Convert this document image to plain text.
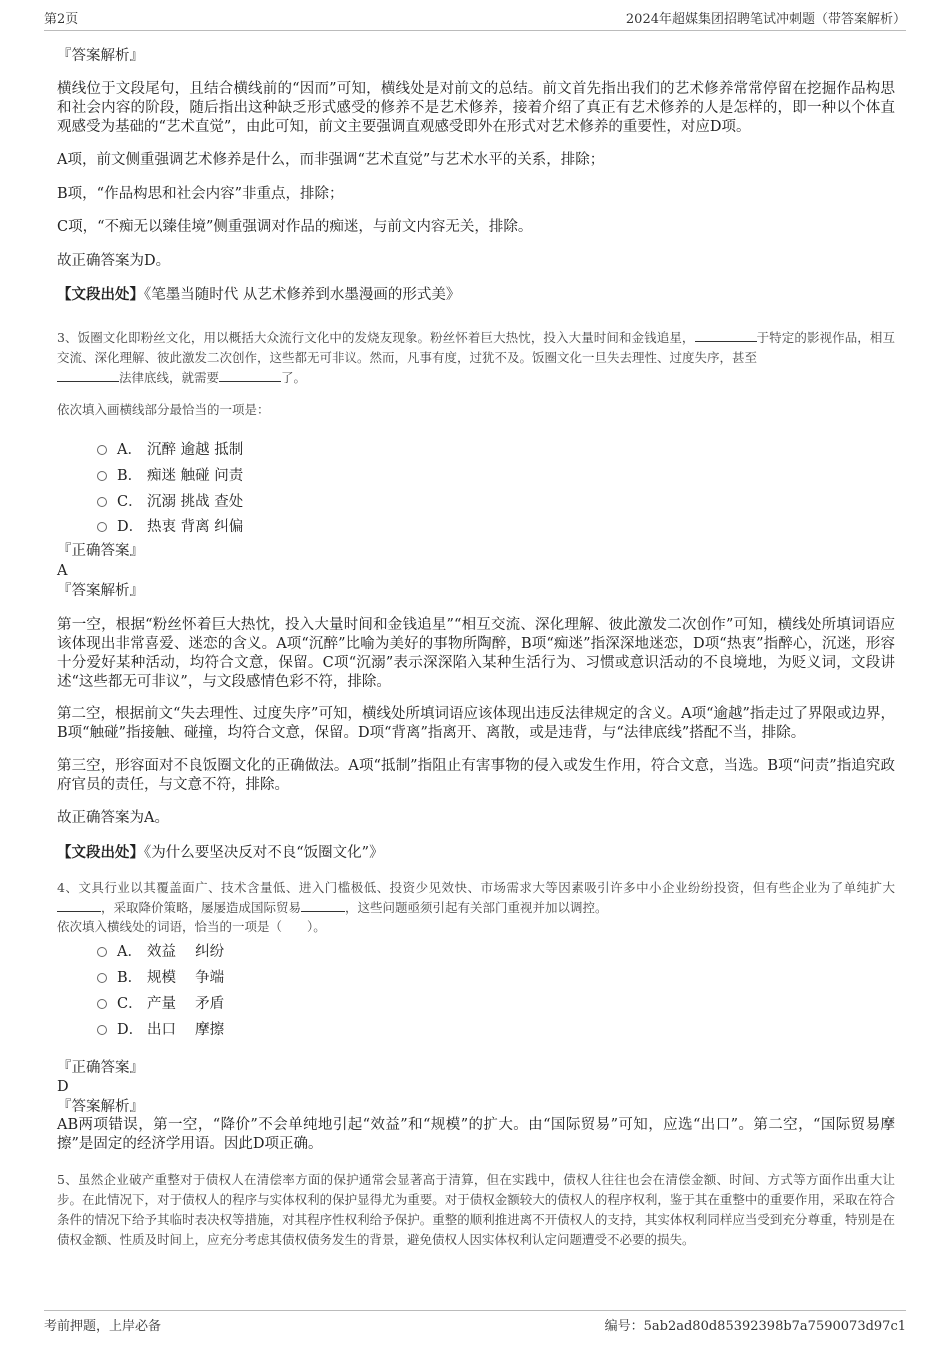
第2页	2024年超媒集团招聘笔试冲刺题（带答案解析）
『答案解析』

横线位于文段尾句，且结合横线前的“因而”可知，横线处是对前文的总结。前文首先指出我们的艺术修养常常停留在挖掘作品构思和社会内容的阶段，随后指出这种缺乏形式感受的修养不是艺术修养，接着介绍了真正有艺术修养的人是怎样的，即一种以个体直观感受为基础的“艺术直觉”，由此可知，前文主要强调直观感受即外在形式对艺术修养的重要性，对应D项。

A项，前文侧重强调艺术修养是什么，而非强调“艺术直觉”与艺术水平的关系，排除；

B项，“作品构思和社会内容”非重点，排除；

C项，“不痴无以臻佳境”侧重强调对作品的痴迷，与前文内容无关，排除。

故正确答案为D。

【文段出处】《笔墨当随时代 从艺术修养到水墨漫画的形式美》

3、饭圈文化即粉丝文化，用以概括大众流行文化中的发烧友现象。粉丝怀着巨大热忱，投入大量时间和金钱追星，	于特定的影视作品，相互交流、深化理解、彼此激发二次创作，这些都无可非议。然而，凡事有度，过犹不及。饭圈文化一旦失去理性、过度失序，甚至
法律底线，就需要	了。

依次填入画横线部分最恰当的一项是：

A． 沉醉 逾越 抵制
B． 痴迷 触碰 问责
C． 沉溺 挑战 查处
D． 热衷 背离 纠偏
『正确答案』
A
『答案解析』

第一空，根据“粉丝怀着巨大热忱，投入大量时间和金钱追星”“相互交流、深化理解、彼此激发二次创作”可知，横线处所填词语应该体现出非常喜爱、迷恋的含义。A项“沉醉”比喻为美好的事物所陶醉，B项“痴迷”指深深地迷恋，D项“热衷”指醉心，沉迷，形容十分爱好某种活动，均符合文意，保留。C项“沉溺”表示深深陷入某种生活行为、习惯或意识活动的不良境地，为贬义词，文段讲述“这些都无可非议”，与文段感情色彩不符，排除。

第二空，根据前文“失去理性、过度失序”可知，横线处所填词语应该体现出违反法律规定的含义。A项“逾越”指走过了界限或边界，B项“触碰”指接触、碰撞，均符合文意，保留。D项“背离”指离开、离散，或是违背，与“法律底线”搭配不当，排除。

第三空，形容面对不良饭圈文化的正确做法。A项“抵制”指阻止有害事物的侵入或发生作用，符合文意，当选。B项“问责”指追究政府官员的责任，与文意不符，排除。

故正确答案为A。

【文段出处】《为什么要坚决反对不良“饭圈文化”》

4、文具行业以其覆盖面广、技术含量低、进入门槛极低、投资少见效快、市场需求大等因素吸引许多中小企业纷纷投资，但有些企业为了单纯扩大，采取降价策略，屡屡造成国际贸易	，这些问题亟须引起有关部门重视并加以调控。

依次填入横线处的词语，恰当的一项是（　　）。

A． 效益　 纠纷
B． 规模　 争端
C． 产量　 矛盾
D． 出口　 摩擦
『正确答案』
D
『答案解析』

AB两项错误，第一空，“降价”不会单纯地引起“效益”和“规模”的扩大。由“国际贸易”可知，应选“出口”。第二空，“国际贸易摩擦”是固定的经济学用语。因此D项正确。

5、虽然企业破产重整对于债权人在清偿率方面的保护通常会显著高于清算，但在实践中，债权人往往也会在清偿金额、时间、方式等方面作出重大让步。在此情况下，对于债权人的程序与实体权利的保护显得尤为重要。对于债权金额较大的债权人的程序权利，鉴于其在重整中的重要作用，采取在符合条件的情况下给予其临时表决权等措施，对其程序性权利给予保护。重整的顺利推进离不开债权人的支持，其实体权利同样应当受到充分尊重，特别是在债权金额、性质及时间上，应充分考虑其债权债务发生的背景，避免债权人因实体权利认定问题遭受不必要的损失。

考前押题，上岸必备	编号：5ab2ad80d85392398b7a7590073d97c1
